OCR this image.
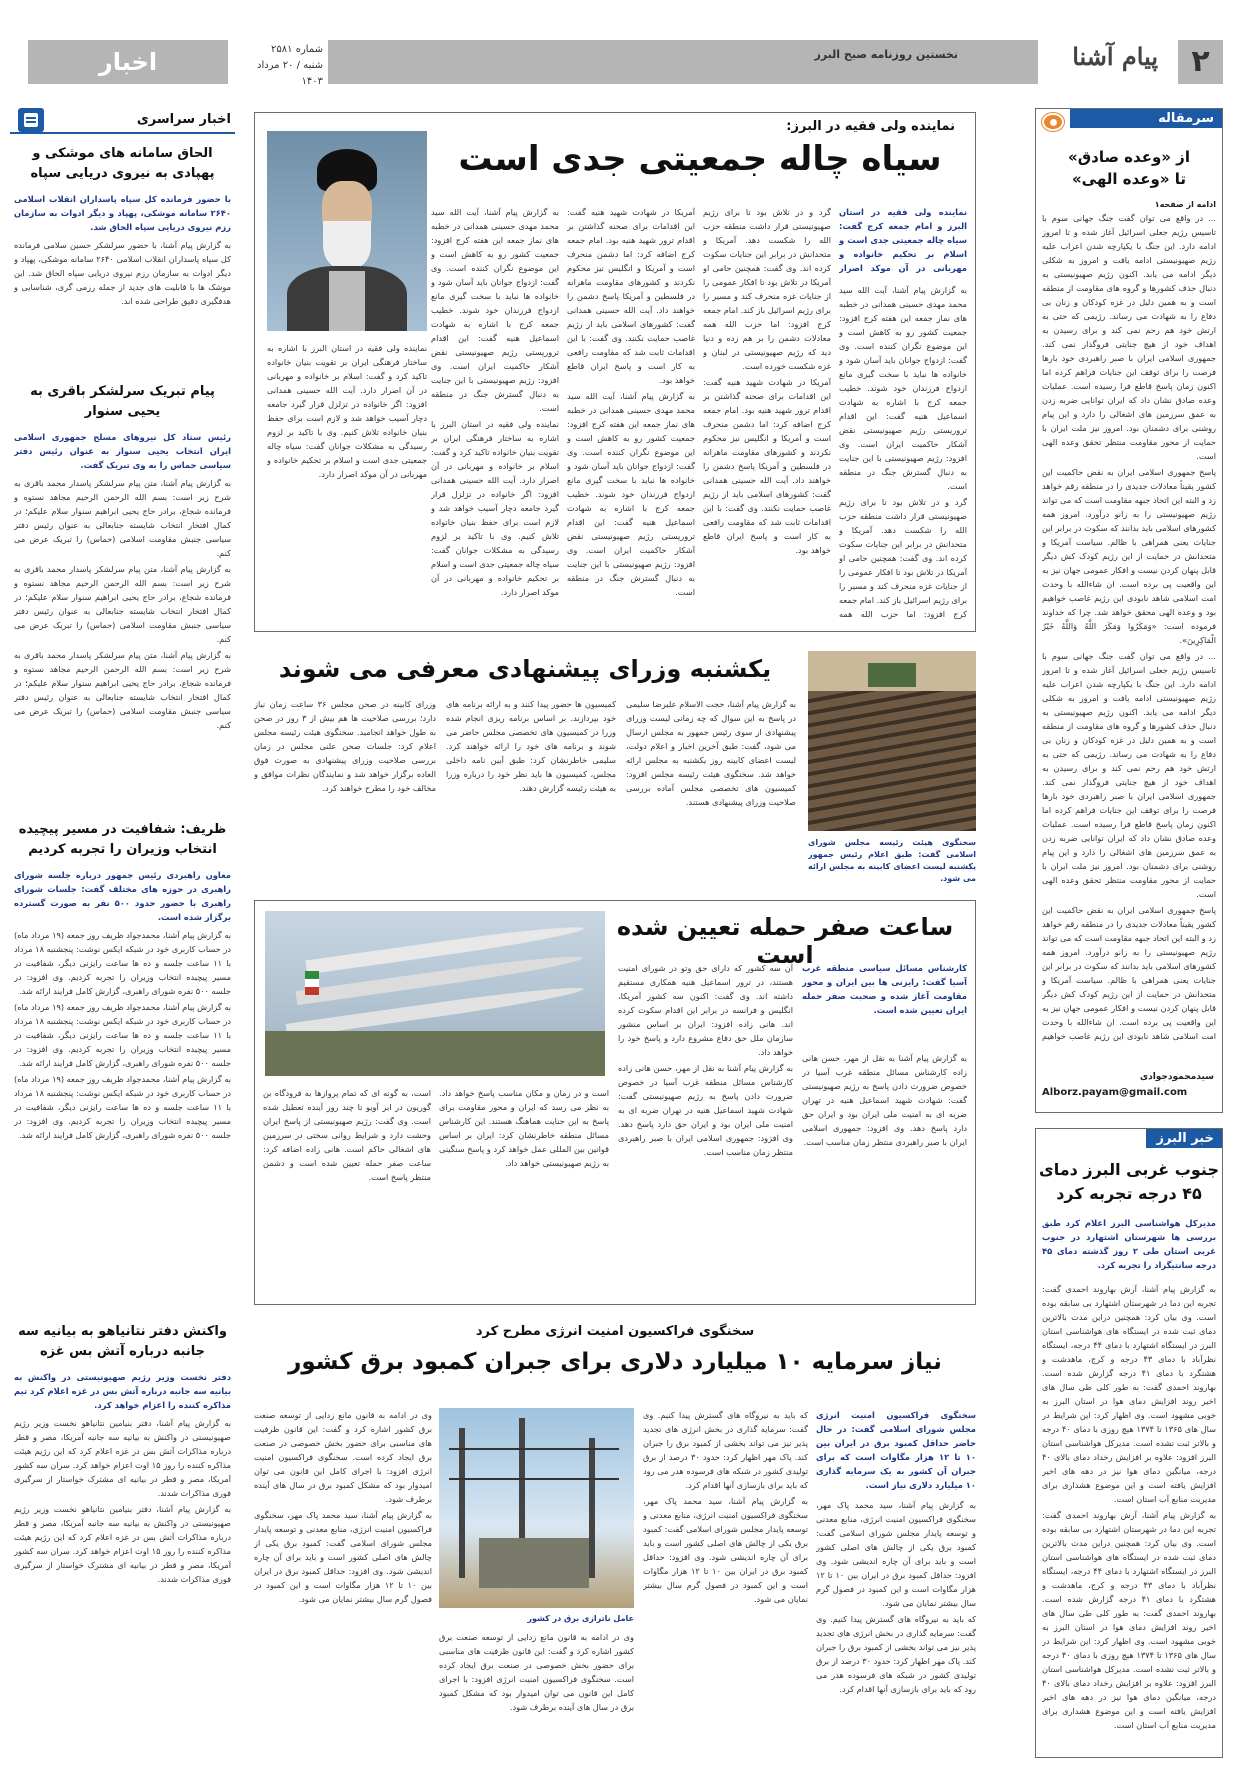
اخبار	شماره ۲۵۸۱
شنبه / ۲۰ مرداد ۱۴۰۳
نخستین روزنامه صبح البرز	پیام آشنا	۲
سرمقاله
از «وعده صادق»
تا «وعده الهی»
ادامه از صفحه۱

... در واقع می توان گفت جنگ جهانی سوم با تاسیس رژیم جعلی اسرائیل آغاز شده و تا امروز ادامه دارد. این جنگ با یکپارچه شدن اعراب علیه رژیم صهیونیستی ادامه یافت و امروز به شکلی دیگر ادامه می یابد. اکنون رژیم صهیونیستی به دنبال حذف کشورها و گروه های مقاومت از منطقه است و به همین دلیل در غزه کودکان و زنان بی دفاع را به شهادت می رساند. رژیمی که حتی به ارتش خود هم رحم نمی کند و برای رسیدن به اهداف خود از هیچ جنایتی فروگذار نمی کند. جمهوری اسلامی ایران با صبر راهبردی خود بارها فرصت را برای توقف این جنایات فراهم کرده اما اکنون زمان پاسخ قاطع فرا رسیده است. عملیات وعده صادق نشان داد که ایران توانایی ضربه زدن به عمق سرزمین های اشغالی را دارد و این پیام روشنی برای دشمنان بود. امروز نیز ملت ایران با حمایت از محور مقاومت منتظر تحقق وعده الهی است.

پاسخ جمهوری اسلامی ایران به نقض حاکمیت این کشور یقیناً معادلات جدیدی را در منطقه رقم خواهد زد و البته این اتحاد جبهه مقاومت است که می تواند رژیم صهیونیستی را به زانو درآورد. امروز همه کشورهای اسلامی باید بدانند که سکوت در برابر این جنایات یعنی همراهی با ظالم. سیاست آمریکا و متحدانش در حمایت از این رژیم کودک کش دیگر قابل پنهان کردن نیست و افکار عمومی جهان نیز به این واقعیت پی برده است. ان شاءالله با وحدت امت اسلامی شاهد نابودی این رژیم غاصب خواهیم بود و وعده الهی محقق خواهد شد. چرا که خداوند فرموده است: «وَمَکَرُوا وَمَکَرَ اللَّهُ وَاللَّهُ خَیْرُ الْمَاکِرِینَ».

... در واقع می توان گفت جنگ جهانی سوم با تاسیس رژیم جعلی اسرائیل آغاز شده و تا امروز ادامه دارد. این جنگ با یکپارچه شدن اعراب علیه رژیم صهیونیستی ادامه یافت و امروز به شکلی دیگر ادامه می یابد. اکنون رژیم صهیونیستی به دنبال حذف کشورها و گروه های مقاومت از منطقه است و به همین دلیل در غزه کودکان و زنان بی دفاع را به شهادت می رساند. رژیمی که حتی به ارتش خود هم رحم نمی کند و برای رسیدن به اهداف خود از هیچ جنایتی فروگذار نمی کند. جمهوری اسلامی ایران با صبر راهبردی خود بارها فرصت را برای توقف این جنایات فراهم کرده اما اکنون زمان پاسخ قاطع فرا رسیده است. عملیات وعده صادق نشان داد که ایران توانایی ضربه زدن به عمق سرزمین های اشغالی را دارد و این پیام روشنی برای دشمنان بود. امروز نیز ملت ایران با حمایت از محور مقاومت منتظر تحقق وعده الهی است.

پاسخ جمهوری اسلامی ایران به نقض حاکمیت این کشور یقیناً معادلات جدیدی را در منطقه رقم خواهد زد و البته این اتحاد جبهه مقاومت است که می تواند رژیم صهیونیستی را به زانو درآورد. امروز همه کشورهای اسلامی باید بدانند که سکوت در برابر این جنایات یعنی همراهی با ظالم. سیاست آمریکا و متحدانش در حمایت از این رژیم کودک کش دیگر قابل پنهان کردن نیست و افکار عمومی جهان نیز به این واقعیت پی برده است. ان شاءالله با وحدت امت اسلامی شاهد نابودی این رژیم غاصب خواهیم

سیدمحمودجوادی
Alborz.payam@gmail.com
خبر البرز
جنوب غربی البرز دمای
۴۵ درجه تجربه کرد
مدیرکل هواشناسی البرز اعلام کرد طبق بررسی ها شهرستان اشتهارد در جنوب غربی استان طی ۲ روز گذشته دمای ۴۵ درجه سانتیگراد را تجربه کرد.

به گزارش پیام آشنا، آرش بهاروند احمدی گفت: تجربه این دما در شهرستان اشتهارد بی سابقه بوده است. وی بیان کرد: همچنین دراین مدت بالاترین دمای ثبت شده در ایستگاه های هواشناسی استان البرز در ایستگاه اشتهارد با دمای ۴۴ درجه، ایستگاه نظرآباد با دمای ۴۳ درجه و کرج، ماهدشت و هشتگرد با دمای ۴۱ درجه گزارش شده است. بهاروند احمدی گفت: به طور کلی طی سال های اخیر روند افزایش دمای هوا در استان البرز به خوبی مشهود است. وی اظهار کرد: این شرایط در سال های ۱۳۶۵ تا ۱۳۷۴ هیچ روزی با دمای ۴۰ درجه و بالاتر ثبت نشده است. مدیرکل هواشناسی استان البرز افزود: علاوه بر افزایش رخداد دمای بالای ۴۰ درجه، میانگین دمای هوا نیز در دهه های اخیر افزایش یافته است و این موضوع هشداری برای مدیریت منابع آب استان است.

به گزارش پیام آشنا، آرش بهاروند احمدی گفت: تجربه این دما در شهرستان اشتهارد بی سابقه بوده است. وی بیان کرد: همچنین دراین مدت بالاترین دمای ثبت شده در ایستگاه های هواشناسی استان البرز در ایستگاه اشتهارد با دمای ۴۴ درجه، ایستگاه نظرآباد با دمای ۴۳ درجه و کرج، ماهدشت و هشتگرد با دمای ۴۱ درجه گزارش شده است. بهاروند احمدی گفت: به طور کلی طی سال های اخیر روند افزایش دمای هوا در استان البرز به خوبی مشهود است. وی اظهار کرد: این شرایط در سال های ۱۳۶۵ تا ۱۳۷۴ هیچ روزی با دمای ۴۰ درجه و بالاتر ثبت نشده است. مدیرکل هواشناسی استان البرز افزود: علاوه بر افزایش رخداد دمای بالای ۴۰ درجه، میانگین دمای هوا نیز در دهه های اخیر افزایش یافته است و این موضوع هشداری برای مدیریت منابع آب استان است.

اخبار سراسری
الحاق سامانه های موشکی و پهپادی به نیروی دریایی سپاه
با حضور فرمانده کل سپاه پاسداران انقلاب اسلامی ۲۶۴۰ سامانه موشکی، پهپاد و دیگر ادوات به سازمان رزم نیروی دریایی سپاه الحاق شد.
به گزارش پیام آشنا، با حضور سرلشکر حسین سلامی فرمانده کل سپاه پاسداران انقلاب اسلامی ۲۶۴۰ سامانه موشکی، پهپاد و دیگر ادوات به سازمان رزم نیروی دریایی سپاه الحاق شد. این موشک ها با قابلیت های جدید از جمله رزمی گری، شناسایی و هدفگیری دقیق طراحی شده اند.
پیام تبریک سرلشکر باقری به یحیی سنوار
رئیس ستاد کل نیروهای مسلح جمهوری اسلامی ایران انتخاب یحیی سنوار به عنوان رئیس دفتر سیاسی حماس را به وی تبریک گفت.

به گزارش پیام آشنا، متن پیام سرلشکر پاسدار محمد باقری به شرح زیر است: بسم الله الرحمن الرحیم مجاهد نستوه و فرمانده شجاع، برادر حاج یحیی ابراهیم سنوار سلام علیکم؛ در کمال افتخار انتخاب شایسته جنابعالی به عنوان رئیس دفتر سیاسی جنبش مقاومت اسلامی (حماس) را تبریک عرض می کنم.

به گزارش پیام آشنا، متن پیام سرلشکر پاسدار محمد باقری به شرح زیر است: بسم الله الرحمن الرحیم مجاهد نستوه و فرمانده شجاع، برادر حاج یحیی ابراهیم سنوار سلام علیکم؛ در کمال افتخار انتخاب شایسته جنابعالی به عنوان رئیس دفتر سیاسی جنبش مقاومت اسلامی (حماس) را تبریک عرض می کنم.

به گزارش پیام آشنا، متن پیام سرلشکر پاسدار محمد باقری به شرح زیر است: بسم الله الرحمن الرحیم مجاهد نستوه و فرمانده شجاع، برادر حاج یحیی ابراهیم سنوار سلام علیکم؛ در کمال افتخار انتخاب شایسته جنابعالی به عنوان رئیس دفتر سیاسی جنبش مقاومت اسلامی (حماس) را تبریک عرض می کنم.

ظریف: شفافیت در مسیر پیچیده انتخاب وزیران را تجربه کردیم
معاون راهبردی رئیس جمهور درباره جلسه شورای راهبری در حوزه های مختلف گفت: جلسات شورای راهبری با حضور حدود ۵۰۰ نفر به صورت گسترده برگزار شده است.

به گزارش پیام آشنا، محمدجواد ظریف روز جمعه (۱۹ مرداد ماه) در حساب کاربری خود در شبکه ایکس نوشت: پنجشنبه ۱۸ مرداد با ۱۱ ساعت جلسه و ده ها ساعت رایزنی دیگر، شفافیت در مسیر پیچیده انتخاب وزیران را تجربه کردیم. وی افزود: در جلسه ۵۰۰ نفره شورای راهبری، گزارش کامل فرایند ارائه شد.

به گزارش پیام آشنا، محمدجواد ظریف روز جمعه (۱۹ مرداد ماه) در حساب کاربری خود در شبکه ایکس نوشت: پنجشنبه ۱۸ مرداد با ۱۱ ساعت جلسه و ده ها ساعت رایزنی دیگر، شفافیت در مسیر پیچیده انتخاب وزیران را تجربه کردیم. وی افزود: در جلسه ۵۰۰ نفره شورای راهبری، گزارش کامل فرایند ارائه شد.

به گزارش پیام آشنا، محمدجواد ظریف روز جمعه (۱۹ مرداد ماه) در حساب کاربری خود در شبکه ایکس نوشت: پنجشنبه ۱۸ مرداد با ۱۱ ساعت جلسه و ده ها ساعت رایزنی دیگر، شفافیت در مسیر پیچیده انتخاب وزیران را تجربه کردیم. وی افزود: در جلسه ۵۰۰ نفره شورای راهبری، گزارش کامل فرایند ارائه شد.

واکنش دفتر نتانیاهو به بیانیه سه جانبه درباره آتش بس غزه
دفتر نخست وزیر رژیم صهیونیستی در واکنش به بیانیه سه جانبه درباره آتش بس در غزه اعلام کرد تیم مذاکره کننده را اعزام خواهد کرد.

به گزارش پیام آشنا، دفتر بنیامین نتانیاهو نخست وزیر رژیم صهیونیستی در واکنش به بیانیه سه جانبه آمریکا، مصر و قطر درباره مذاکرات آتش بس در غزه اعلام کرد که این رژیم هیئت مذاکره کننده را روز ۱۵ اوت اعزام خواهد کرد. سران سه کشور آمریکا، مصر و قطر در بیانیه ای مشترک خواستار از سرگیری فوری مذاکرات شدند.

به گزارش پیام آشنا، دفتر بنیامین نتانیاهو نخست وزیر رژیم صهیونیستی در واکنش به بیانیه سه جانبه آمریکا، مصر و قطر درباره مذاکرات آتش بس در غزه اعلام کرد که این رژیم هیئت مذاکره کننده را روز ۱۵ اوت اعزام خواهد کرد. سران سه کشور آمریکا، مصر و قطر در بیانیه ای مشترک خواستار از سرگیری فوری مذاکرات شدند.

نماینده ولی فقیه در البرز:
سیاه چاله جمعیتی جدی است
نماینده ولی فقیه در استان البرز و امام جمعه کرج گفت: سیاه چاله جمعیتی جدی است و اسلام بر تحکیم خانواده و مهربانی در آن موکد اصرار

به گزارش پیام آشنا، آیت الله سید محمد مهدی حسینی همدانی در خطبه های نماز جمعه این هفته کرج افزود: جمعیت کشور رو به کاهش است و این موضوع نگران کننده است. وی گفت: ازدواج جوانان باید آسان شود و خانواده ها نباید با سخت گیری مانع ازدواج فرزندان خود شوند. خطیب جمعه کرج با اشاره به شهادت اسماعیل هنیه گفت: این اقدام تروریستی رژیم صهیونیستی نقض آشکار حاکمیت ایران است. وی افزود: رژیم صهیونیستی با این جنایت به دنبال گسترش جنگ در منطقه است.

گرد و در تلاش بود تا برای رژیم صهیونیستی قرار داشت منطقه حزب الله را شکست دهد. آمریکا و متحدانش در برابر این جنایات سکوت کرده اند. وی گفت: همچنین حامی او آمریکا در تلاش بود تا افکار عمومی را از جنایات غزه منحرف کند و مسیر را برای رژیم اسرائیل باز کند. امام جمعه کرج افزود: اما حزب الله همه

گرد و در تلاش بود تا برای رژیم صهیونیستی قرار داشت منطقه حزب الله را شکست دهد. آمریکا و متحدانش در برابر این جنایات سکوت کرده اند. وی گفت: همچنین حامی او آمریکا در تلاش بود تا افکار عمومی را از جنایات غزه منحرف کند و مسیر را برای رژیم اسرائیل باز کند. امام جمعه کرج افزود: اما حزب الله همه معادلات دشمن را بر هم زده و دنیا دید که رژیم صهیونیستی در لبنان و غزه شکست خورده است.

آمریکا در شهادت شهید هنیه گفت: این اقدامات برای صحنه گذاشتن بر اقدام ترور شهید هنیه بود. امام جمعه کرج اضافه کرد: اما دشمن منحرف است و آمریکا و انگلیس نیز محکوم نکردند و کشورهای مقاومت ماهرانه در فلسطین و آمریکا پاسخ دشمن را خواهند داد. آیت الله حسینی همدانی گفت: کشورهای اسلامی باید از رژیم غاصب حمایت نکنند. وی گفت: با این اقدامات ثابت شد که مقاومت رافعی به کار است و پاسخ ایران قاطع خواهد بود.

آمریکا در شهادت شهید هنیه گفت: این اقدامات برای صحنه گذاشتن بر اقدام ترور شهید هنیه بود. امام جمعه کرج اضافه کرد: اما دشمن منحرف است و آمریکا و انگلیس نیز محکوم نکردند و کشورهای مقاومت ماهرانه در فلسطین و آمریکا پاسخ دشمن را خواهند داد. آیت الله حسینی همدانی گفت: کشورهای اسلامی باید از رژیم غاصب حمایت نکنند. وی گفت: با این اقدامات ثابت شد که مقاومت رافعی به کار است و پاسخ ایران قاطع خواهد بود.

به گزارش پیام آشنا، آیت الله سید محمد مهدی حسینی همدانی در خطبه های نماز جمعه این هفته کرج افزود: جمعیت کشور رو به کاهش است و این موضوع نگران کننده است. وی گفت: ازدواج جوانان باید آسان شود و خانواده ها نباید با سخت گیری مانع ازدواج فرزندان خود شوند. خطیب جمعه کرج با اشاره به شهادت اسماعیل هنیه گفت: این اقدام تروریستی رژیم صهیونیستی نقض آشکار حاکمیت ایران است. وی افزود: رژیم صهیونیستی با این جنایت به دنبال گسترش جنگ در منطقه است.

به گزارش پیام آشنا، آیت الله سید محمد مهدی حسینی همدانی در خطبه های نماز جمعه این هفته کرج افزود: جمعیت کشور رو به کاهش است و این موضوع نگران کننده است. وی گفت: ازدواج جوانان باید آسان شود و خانواده ها نباید با سخت گیری مانع ازدواج فرزندان خود شوند. خطیب جمعه کرج با اشاره به شهادت اسماعیل هنیه گفت: این اقدام تروریستی رژیم صهیونیستی نقض آشکار حاکمیت ایران است. وی افزود: رژیم صهیونیستی با این جنایت به دنبال گسترش جنگ در منطقه است.

نماینده ولی فقیه در استان البرز با اشاره به ساختار فرهنگی ایران بر تقویت بنیان خانواده تاکید کرد و گفت: اسلام بر خانواده و مهربانی در آن اصرار دارد. آیت الله حسینی همدانی افزود: اگر خانواده در تزلزل قرار گیرد جامعه دچار آسیب خواهد شد و لازم است برای حفظ بنیان خانواده تلاش کنیم. وی با تاکید بر لزوم رسیدگی به مشکلات جوانان گفت: سیاه چاله جمعیتی جدی است و اسلام بر تحکیم خانواده و مهربانی در آن موکد اصرار دارد.

نماینده ولی فقیه در استان البرز با اشاره به ساختار فرهنگی ایران بر تقویت بنیان خانواده تاکید کرد و گفت: اسلام بر خانواده و مهربانی در آن اصرار دارد. آیت الله حسینی همدانی افزود: اگر خانواده در تزلزل قرار گیرد جامعه دچار آسیب خواهد شد و لازم است برای حفظ بنیان خانواده تلاش کنیم. وی با تاکید بر لزوم رسیدگی به مشکلات جوانان گفت: سیاه چاله جمعیتی جدی است و اسلام بر تحکیم خانواده و مهربانی در آن موکد اصرار دارد.

سخنگوی هیئت رئیسه مجلس شورای اسلامی گفت: طبق اعلام رئیس جمهور یکشنبه لیست اعضای کابینه به مجلس ارائه می شود.
یکشنبه وزرای پیشنهادی معرفی می شوند
به گزارش پیام آشنا، حجت الاسلام علیرضا سلیمی در پاسخ به این سوال که چه زمانی لیست وزرای پیشنهادی از سوی رئیس جمهور به مجلس ارسال می شود، گفت: طبق آخرین اخبار و اعلام دولت، لیست اعضای کابینه روز یکشنبه به مجلس ارائه خواهد شد. سخنگوی هیئت رئیسه مجلس افزود: کمیسیون های تخصصی مجلس آماده بررسی صلاحیت وزرای پیشنهادی هستند.
کمیسیون ها حضور پیدا کنند و به ارائه برنامه های خود بپردازند. بر اساس برنامه ریزی انجام شده وزرا در کمیسیون های تخصصی مجلس حاضر می شوند و برنامه های خود را ارائه خواهند کرد. سلیمی خاطرنشان کرد: طبق آیین نامه داخلی مجلس، کمیسیون ها باید نظر خود را درباره وزرا به هیئت رئیسه گزارش دهند.
وزرای کابینه در صحن مجلس ۳۶ ساعت زمان نیاز دارد؛ بررسی صلاحیت ها هم بیش از ۳ روز در صحن به طول خواهد انجامید. سخنگوی هیئت رئیسه مجلس اعلام کرد: جلسات صحن علنی مجلس در زمان بررسی صلاحیت وزرای پیشنهادی به صورت فوق العاده برگزار خواهد شد و نمایندگان نظرات موافق و مخالف خود را مطرح خواهند کرد.
ساعت صفر حمله تعیین شده است
کارشناس مسائل سیاسی منطقه غرب آسیا گفت: رایزنی ها بین ایران و محور مقاومت آغاز شده و صحبت صفر حمله ایران تعیین شده است.
به گزارش پیام آشنا به نقل از مهر، حسن هانی زاده کارشناس مسائل منطقه غرب آسیا در خصوص ضرورت دادن پاسخ به رژیم صهیونیستی گفت: شهادت شهید اسماعیل هنیه در تهران ضربه ای به امنیت ملی ایران بود و ایران حق دارد پاسخ دهد. وی افزود: جمهوری اسلامی ایران با صبر راهبردی منتظر زمان مناسب است.

آن سه کشور که دارای حق وتو در شورای امنیت هستند، در ترور اسماعیل هنیه همکاری مستقیم داشته اند. وی گفت: اکنون سه کشور آمریکا، انگلیس و فرانسه در برابر این اقدام سکوت کرده اند. هانی زاده افزود: ایران بر اساس منشور سازمان ملل حق دفاع مشروع دارد و پاسخ خود را خواهد داد.

به گزارش پیام آشنا به نقل از مهر، حسن هانی زاده کارشناس مسائل منطقه غرب آسیا در خصوص ضرورت دادن پاسخ به رژیم صهیونیستی گفت: شهادت شهید اسماعیل هنیه در تهران ضربه ای به امنیت ملی ایران بود و ایران حق دارد پاسخ دهد. وی افزود: جمهوری اسلامی ایران با صبر راهبردی منتظر زمان مناسب است.

است و در زمان و مکان مناسب پاسخ خواهد داد. به نظر می رسد که ایران و محور مقاومت برای پاسخ به این جنایت هماهنگ هستند. این کارشناس مسائل منطقه خاطرنشان کرد: ایران بر اساس قوانین بین المللی عمل خواهد کرد و پاسخ سنگینی به رژیم صهیونیستی خواهد داد.

است، به گونه ای که تمام پروازها به فرودگاه بن گوریون در ابر آویو تا چند روز آینده تعطیل شده است. وی گفت: رژیم صهیونیستی از پاسخ ایران وحشت دارد و شرایط روانی سختی در سرزمین های اشغالی حاکم است. هانی زاده اضافه کرد: ساعت صفر حمله تعیین شده است و دشمن منتظر پاسخ است.

سخنگوی فراکسیون امنیت انرژی مطرح کرد
نیاز سرمایه ۱۰ میلیارد دلاری برای جبران کمبود برق کشور
عامل ناترازی برق در کشور
سخنگوی فراکسیون امنیت انرژی مجلس شورای اسلامی گفت: در حال حاضر حداقل کمبود برق در ایران بین ۱۰ تا ۱۲ هزار مگاوات است که برای جبران آن کشور به یک سرمایه گذاری ۱۰ میلیارد دلاری نیاز است.

به گزارش پیام آشنا، سید محمد پاک مهر، سخنگوی فراکسیون امنیت انرژی، منابع معدنی و توسعه پایدار مجلس شورای اسلامی گفت: کمبود برق یکی از چالش های اصلی کشور است و باید برای آن چاره اندیشی شود. وی افزود: حداقل کمبود برق در ایران بین ۱۰ تا ۱۲ هزار مگاوات است و این کمبود در فصول گرم سال بیشتر نمایان می شود.

که باید به نیروگاه های گسترش پیدا کنیم. وی گفت: سرمایه گذاری در بخش انرژی های تجدید پذیر نیز می تواند بخشی از کمبود برق را جبران کند. پاک مهر اظهار کرد: حدود ۳۰ درصد از برق تولیدی کشور در شبکه های فرسوده هدر می رود که باید برای بازسازی آنها اقدام کرد.

که باید به نیروگاه های گسترش پیدا کنیم. وی گفت: سرمایه گذاری در بخش انرژی های تجدید پذیر نیز می تواند بخشی از کمبود برق را جبران کند. پاک مهر اظهار کرد: حدود ۳۰ درصد از برق تولیدی کشور در شبکه های فرسوده هدر می رود که باید برای بازسازی آنها اقدام کرد.

به گزارش پیام آشنا، سید محمد پاک مهر، سخنگوی فراکسیون امنیت انرژی، منابع معدنی و توسعه پایدار مجلس شورای اسلامی گفت: کمبود برق یکی از چالش های اصلی کشور است و باید برای آن چاره اندیشی شود. وی افزود: حداقل کمبود برق در ایران بین ۱۰ تا ۱۲ هزار مگاوات است و این کمبود در فصول گرم سال بیشتر نمایان می شود.

وی در ادامه به قانون مانع زدایی از توسعه صنعت برق کشور اشاره کرد و گفت: این قانون ظرفیت های مناسبی برای حضور بخش خصوصی در صنعت برق ایجاد کرده است. سخنگوی فراکسیون امنیت انرژی افزود: با اجرای کامل این قانون می توان امیدوار بود که مشکل کمبود برق در سال های آینده برطرف شود.

وی در ادامه به قانون مانع زدایی از توسعه صنعت برق کشور اشاره کرد و گفت: این قانون ظرفیت های مناسبی برای حضور بخش خصوصی در صنعت برق ایجاد کرده است. سخنگوی فراکسیون امنیت انرژی افزود: با اجرای کامل این قانون می توان امیدوار بود که مشکل کمبود برق در سال های آینده برطرف شود.

به گزارش پیام آشنا، سید محمد پاک مهر، سخنگوی فراکسیون امنیت انرژی، منابع معدنی و توسعه پایدار مجلس شورای اسلامی گفت: کمبود برق یکی از چالش های اصلی کشور است و باید برای آن چاره اندیشی شود. وی افزود: حداقل کمبود برق در ایران بین ۱۰ تا ۱۲ هزار مگاوات است و این کمبود در فصول گرم سال بیشتر نمایان می شود.
